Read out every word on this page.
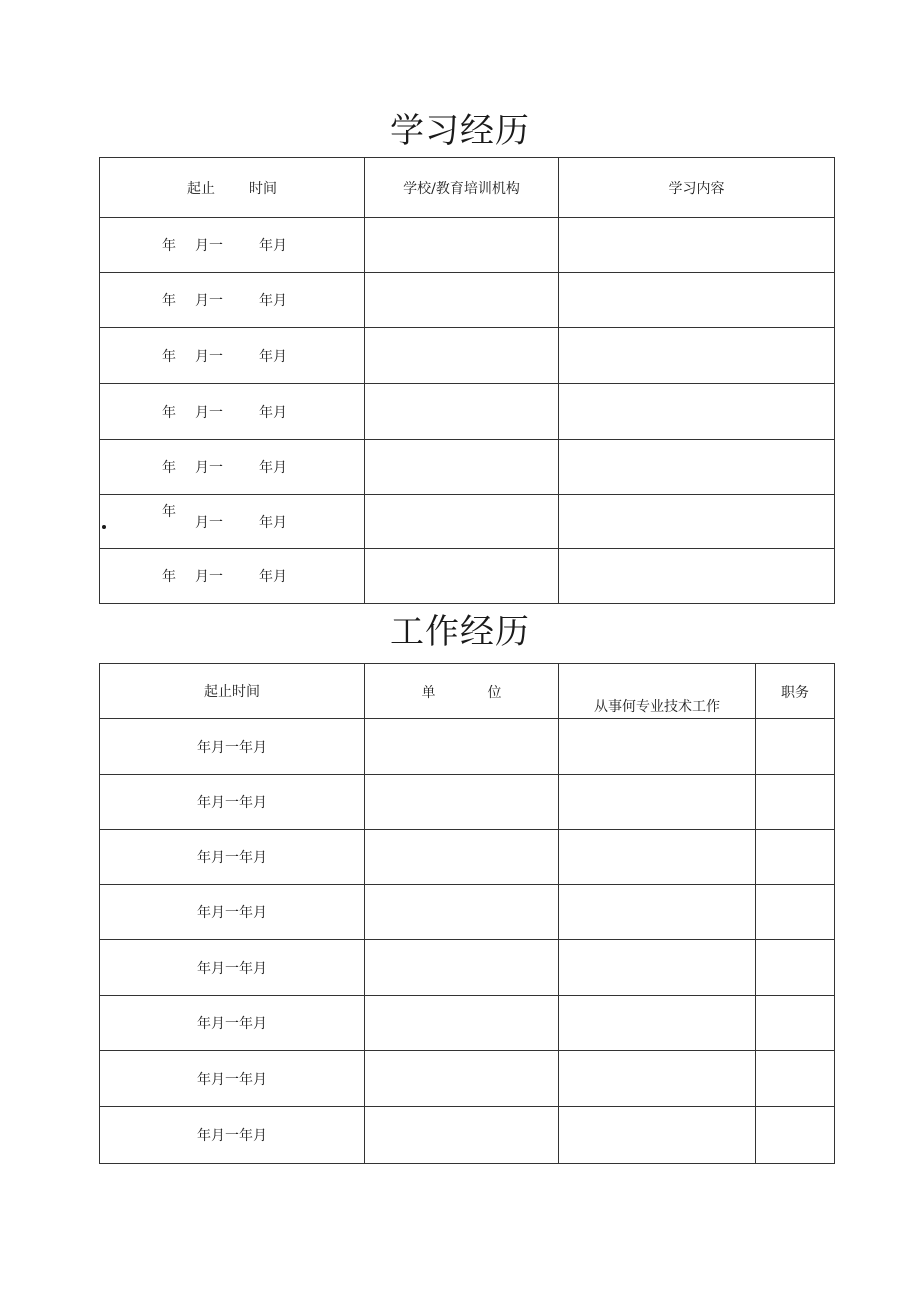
学习经历
起止 时间	学校/教育培训机构	学习内容
年 月一 年月		
年 月一 年月		
年 月一 年月		
年 月一 年月		
年 月一 年月		

年月一 年月		
年 月一 年月		
工作经历
起止时间	单 位	从事何专业技术工作	职务
年月一年月			
年月一年月			
年月一年月			
年月一年月			
年月一年月			
年月一年月			
年月一年月			
年月一年月			
